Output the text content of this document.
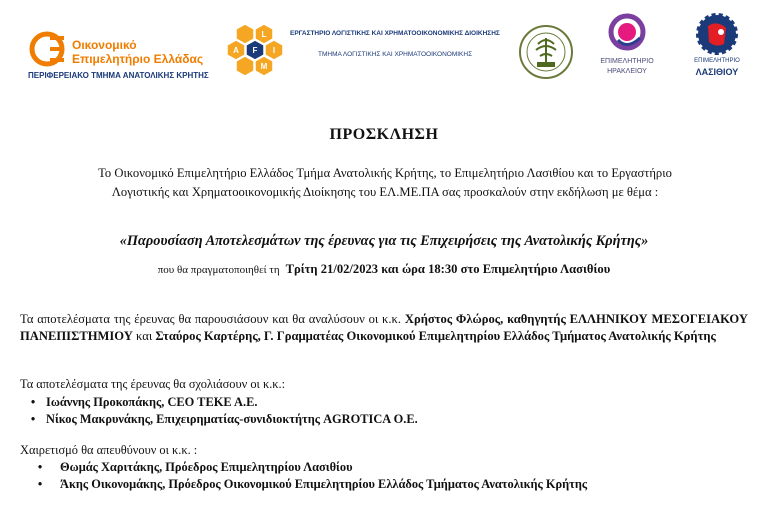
Οικονομικό
Επιμελητήριο Ελλάδας
ΠΕΡΙΦΕΡΕΙΑΚΟ ΤΜΗΜΑ ΑΝΑΤΟΛΙΚΗΣ ΚΡΗΤΗΣ
L
A F I
M
ΕΡΓΑΣΤΗΡΙΟ ΛΟΓΙΣΤΙΚΗΣ ΚΑΙ ΧΡΗΜΑΤΟΟΙΚΟΝΟΜΙΚΗΣ ΔΙΟΙΚΗΣΗΣ
ΤΜΗΜΑ ΛΟΓΙΣΤΙΚΗΣ ΚΑΙ ΧΡΗΜΑΤΟΟΙΚΟΝΟΜΙΚΗΣ
ΕΠΙΜΕΛΗΤΗΡΙΟ
ΗΡΑΚΛΕΙΟΥ
ΕΠΙΜΕΛΗΤΗΡΙΟ
ΛΑΣΙΘΙΟΥ
ΠΡΟΣΚΛΗΣΗ
Το Οικονομικό Επιμελητήριο Ελλάδος Τμήμα Ανατολικής Κρήτης, το Επιμελητήριο Λασιθίου και το Εργαστήριο
Λογιστικής και Χρηματοοικονομικής Διοίκησης του ΕΛ.ΜΕ.ΠΑ σας προσκαλούν στην εκδήλωση με θέμα :
«Παρουσίαση Αποτελεσμάτων της έρευνας για τις Επιχειρήσεις της Ανατολικής Κρήτης»
που θα πραγματοποιηθεί τη Τρίτη 21/02/2023 και ώρα 18:30 στο Επιμελητήριο Λασιθίου
Τα αποτελέσματα της έρευνας θα παρουσιάσουν και θα αναλύσουν οι κ.κ. Χρήστος Φλώρος, καθηγητής ΕΛΛΗΝΙΚΟΥ ΜΕΣΟΓΕΙΑΚΟΥ ΠΑΝΕΠΙΣΤΗΜΙΟΥ και Σταύρος Καρτέρης, Γ. Γραμματέας Οικονομικού Επιμελητηρίου Ελλάδος Τμήματος Ανατολικής Κρήτης
Τα αποτελέσματα της έρευνας θα σχολιάσουν οι κ.κ.:
• Ιωάννης Προκοπάκης, CEO TEKE A.E.
• Νίκος Μακρυνάκης, Επιχειρηματίας-συνιδιοκτήτης AGROTICA O.E.
Χαιρετισμό θα απευθύνουν οι κ.κ. :
• Θωμάς Χαριτάκης, Πρόεδρος Επιμελητηρίου Λασιθίου
• Άκης Οικονομάκης, Πρόεδρος Οικονομικού Επιμελητηρίου Ελλάδος Τμήματος Ανατολικής Κρήτης
